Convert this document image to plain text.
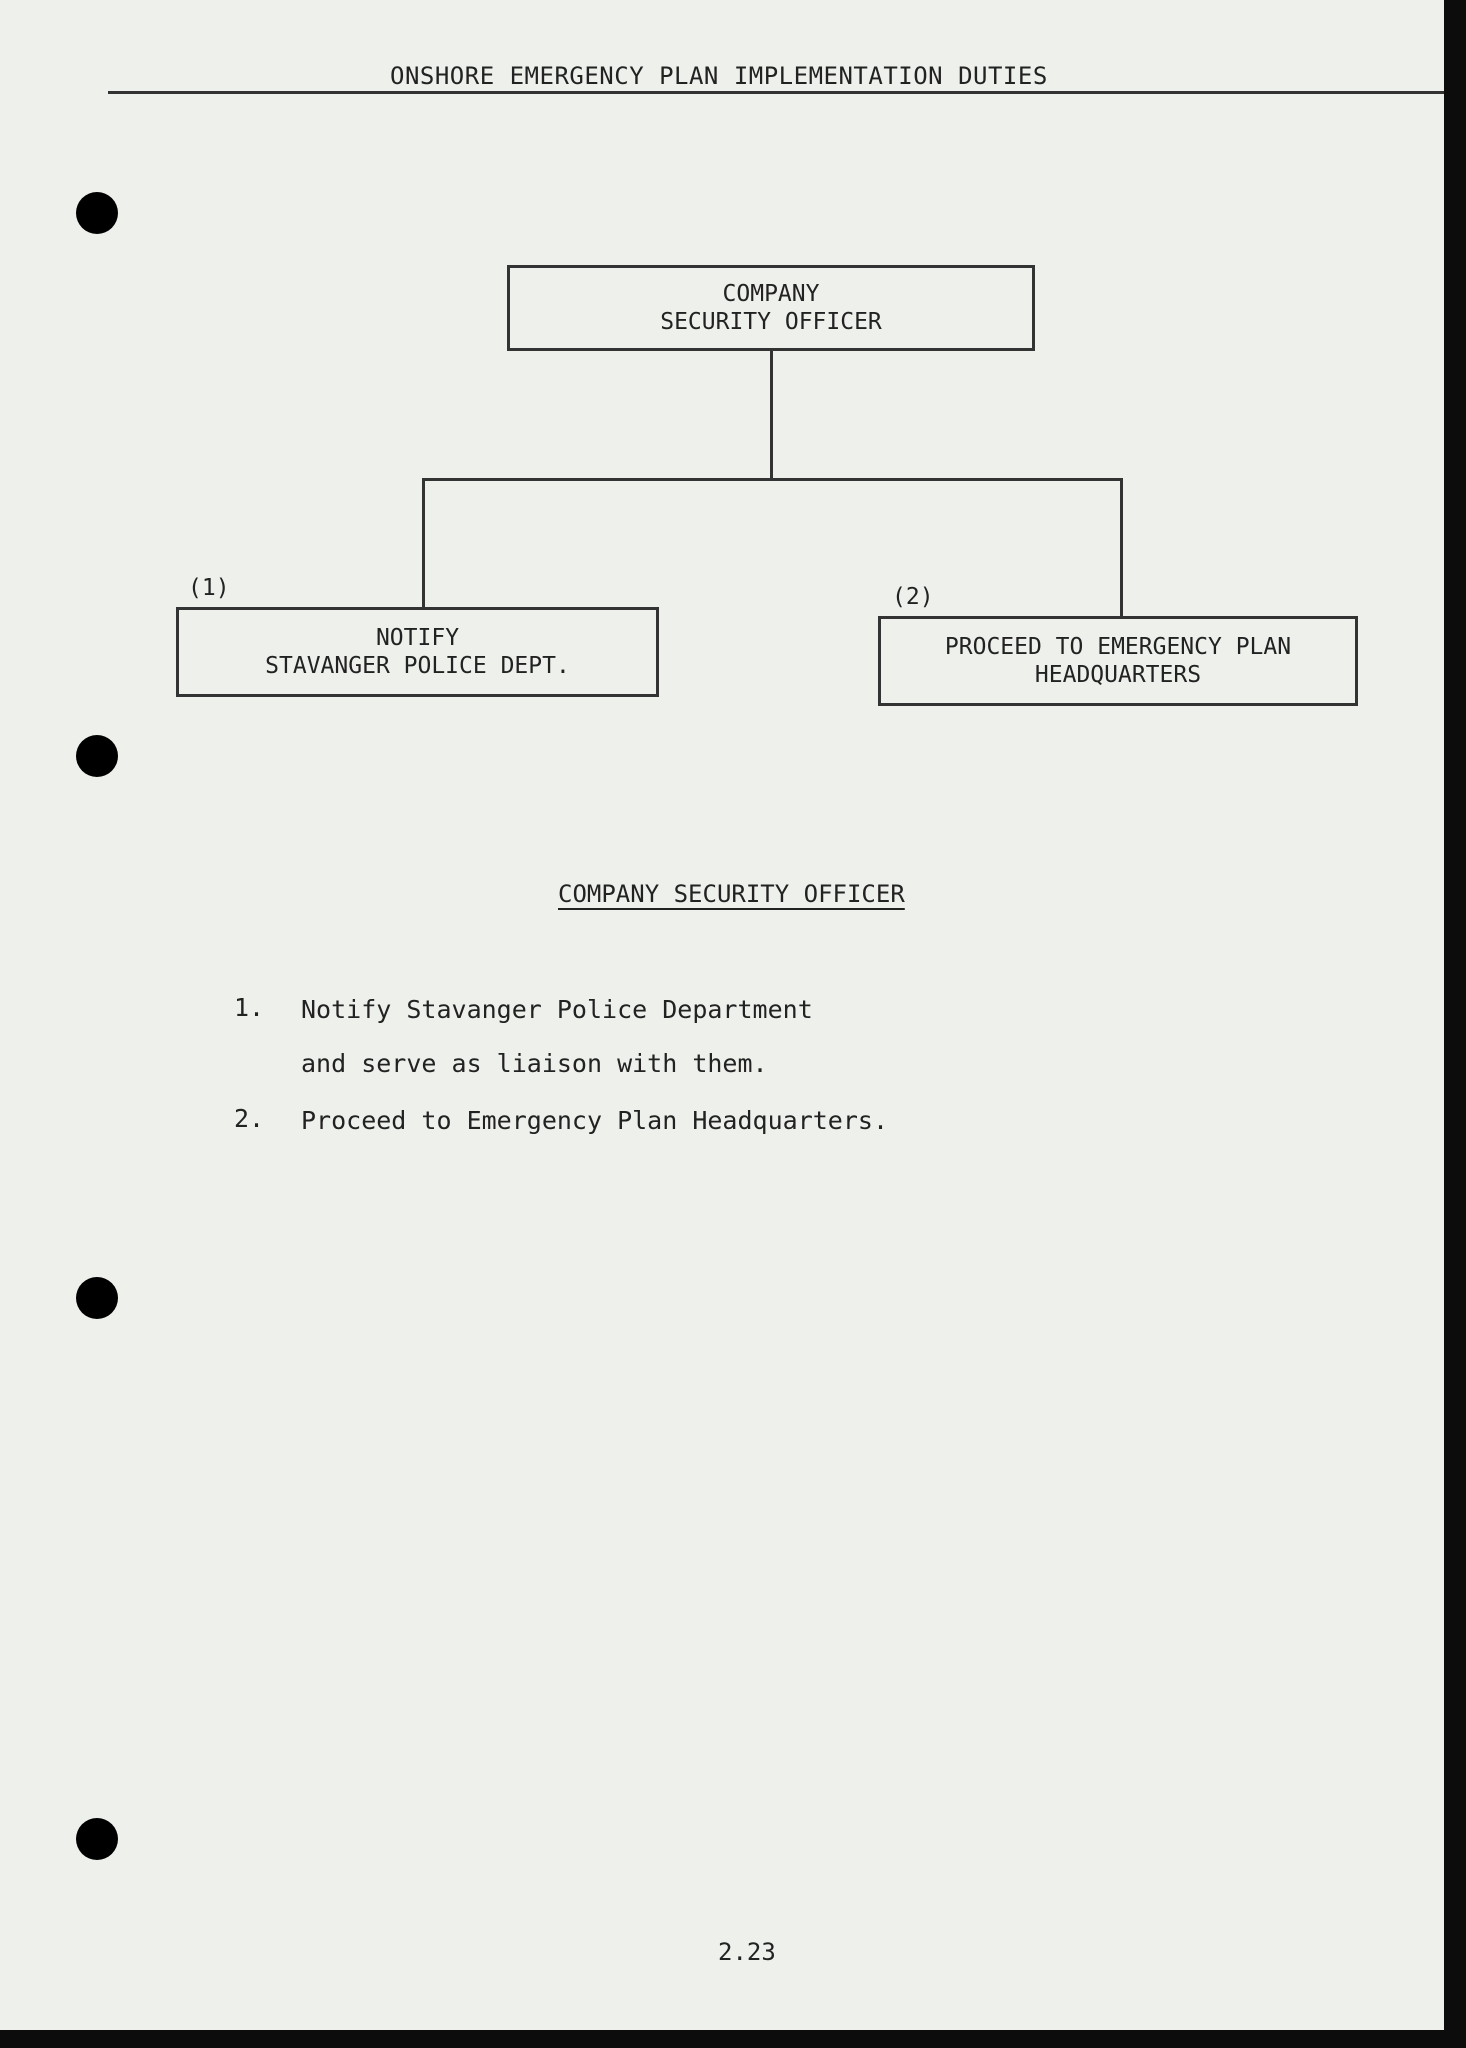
ONSHORE EMERGENCY PLAN IMPLEMENTATION DUTIES
COMPANY
SECURITY OFFICER
(1)
NOTIFY
STAVANGER POLICE DEPT.
(2)
PROCEED TO EMERGENCY PLAN
HEADQUARTERS
COMPANY SECURITY OFFICER
1. Notify Stavanger Police Department
and serve as liaison with them.
2. Proceed to Emergency Plan Headquarters.
2.23
